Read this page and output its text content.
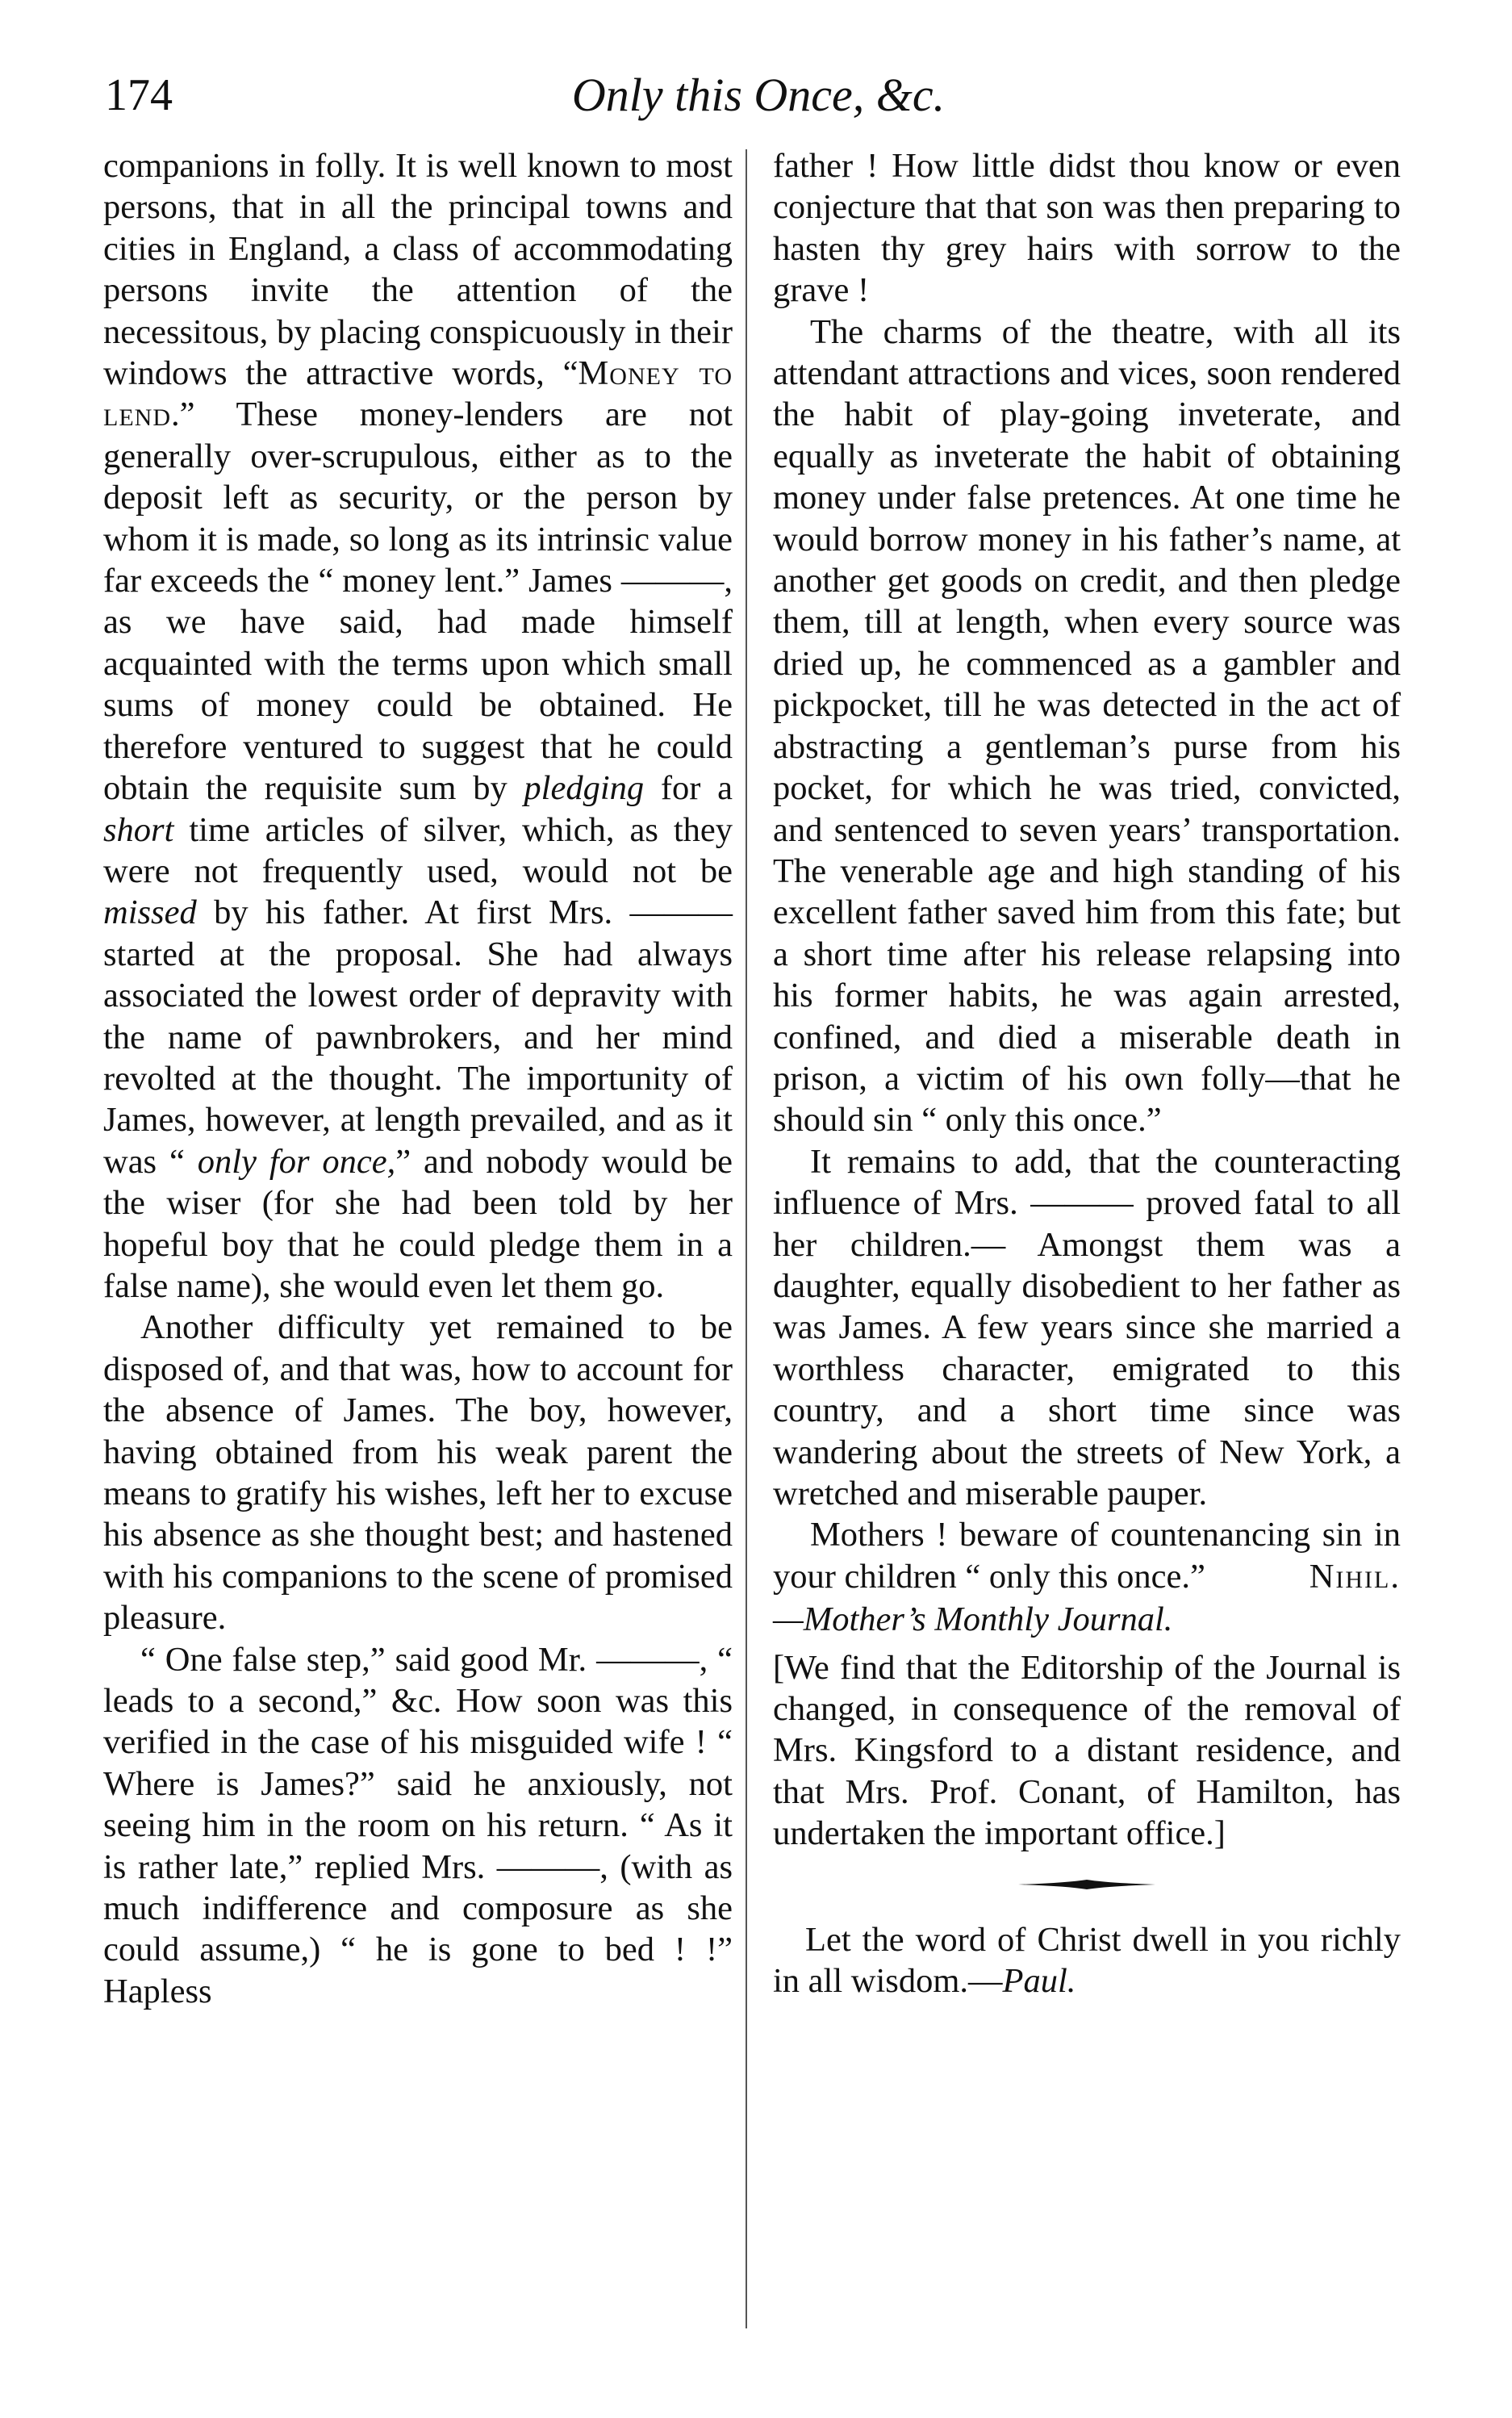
174	Only this Once, &c.

companions in folly. It is well known to most persons, that in all the principal towns and cities in England, a class of accommodating persons invite the attention of the necessitous, by placing conspicuously in their windows the attractive words, “Money to lend.” These money-lenders are not generally over-scrupulous, either as to the deposit left as security, or the person by whom it is made, so long as its intrinsic value far exceeds the “ money lent.” James ———, as we have said, had made himself acquainted with the terms upon which small sums of money could be obtained. He therefore ventured to suggest that he could obtain the requisite sum by pledging for a short time articles of silver, which, as they were not frequently used, would not be missed by his father. At first Mrs. ——— started at the proposal. She had always associated the lowest order of depravity with the name of pawnbrokers, and her mind revolted at the thought. The importunity of James, however, at length prevailed, and as it was “ only for once,” and nobody would be the wiser (for she had been told by her hopeful boy that he could pledge them in a false name), she would even let them go.

Another difficulty yet remained to be disposed of, and that was, how to account for the absence of James. The boy, however, having obtained from his weak parent the means to gratify his wishes, left her to excuse his absence as she thought best; and hastened with his companions to the scene of promised pleasure.

“ One false step,” said good Mr. ———, “ leads to a second,” &c. How soon was this verified in the case of his misguided wife ! “ Where is James?” said he anxiously, not seeing him in the room on his return. “ As it is rather late,” replied Mrs. ———, (with as much indifference and composure as she could assume,) “ he is gone to bed ! !” Hapless

father ! How little didst thou know or even conjecture that that son was then preparing to hasten thy grey hairs with sorrow to the grave !

The charms of the theatre, with all its attendant attractions and vices, soon rendered the habit of play-going inveterate, and equally as inveterate the habit of obtaining money under false pretences. At one time he would borrow money in his father’s name, at another get goods on credit, and then pledge them, till at length, when every source was dried up, he commenced as a gambler and pickpocket, till he was detected in the act of abstracting a gentleman’s purse from his pocket, for which he was tried, convicted, and sentenced to seven years’ transportation. The venerable age and high standing of his excellent father saved him from this fate; but a short time after his release relapsing into his former habits, he was again arrested, confined, and died a miserable death in prison, a victim of his own folly—that he should sin “ only this once.”

It remains to add, that the counteracting influence of Mrs. ——— proved fatal to all her children.— Amongst them was a daughter, equally disobedient to her father as was James. A few years since she married a worthless character, emigrated to this country, and a short time since was wandering about the streets of New York, a wretched and miserable pauper.

Mothers ! beware of countenancing sin in your children “ only this once.”	Nihil.

—Mother’s Monthly Journal.

[We find that the Editorship of the Journal is changed, in consequence of the removal of Mrs. Kingsford to a distant residence, and that Mrs. Prof. Conant, of Hamilton, has undertaken the important office.]

Let the word of Christ dwell in you richly in all wisdom.—Paul.
